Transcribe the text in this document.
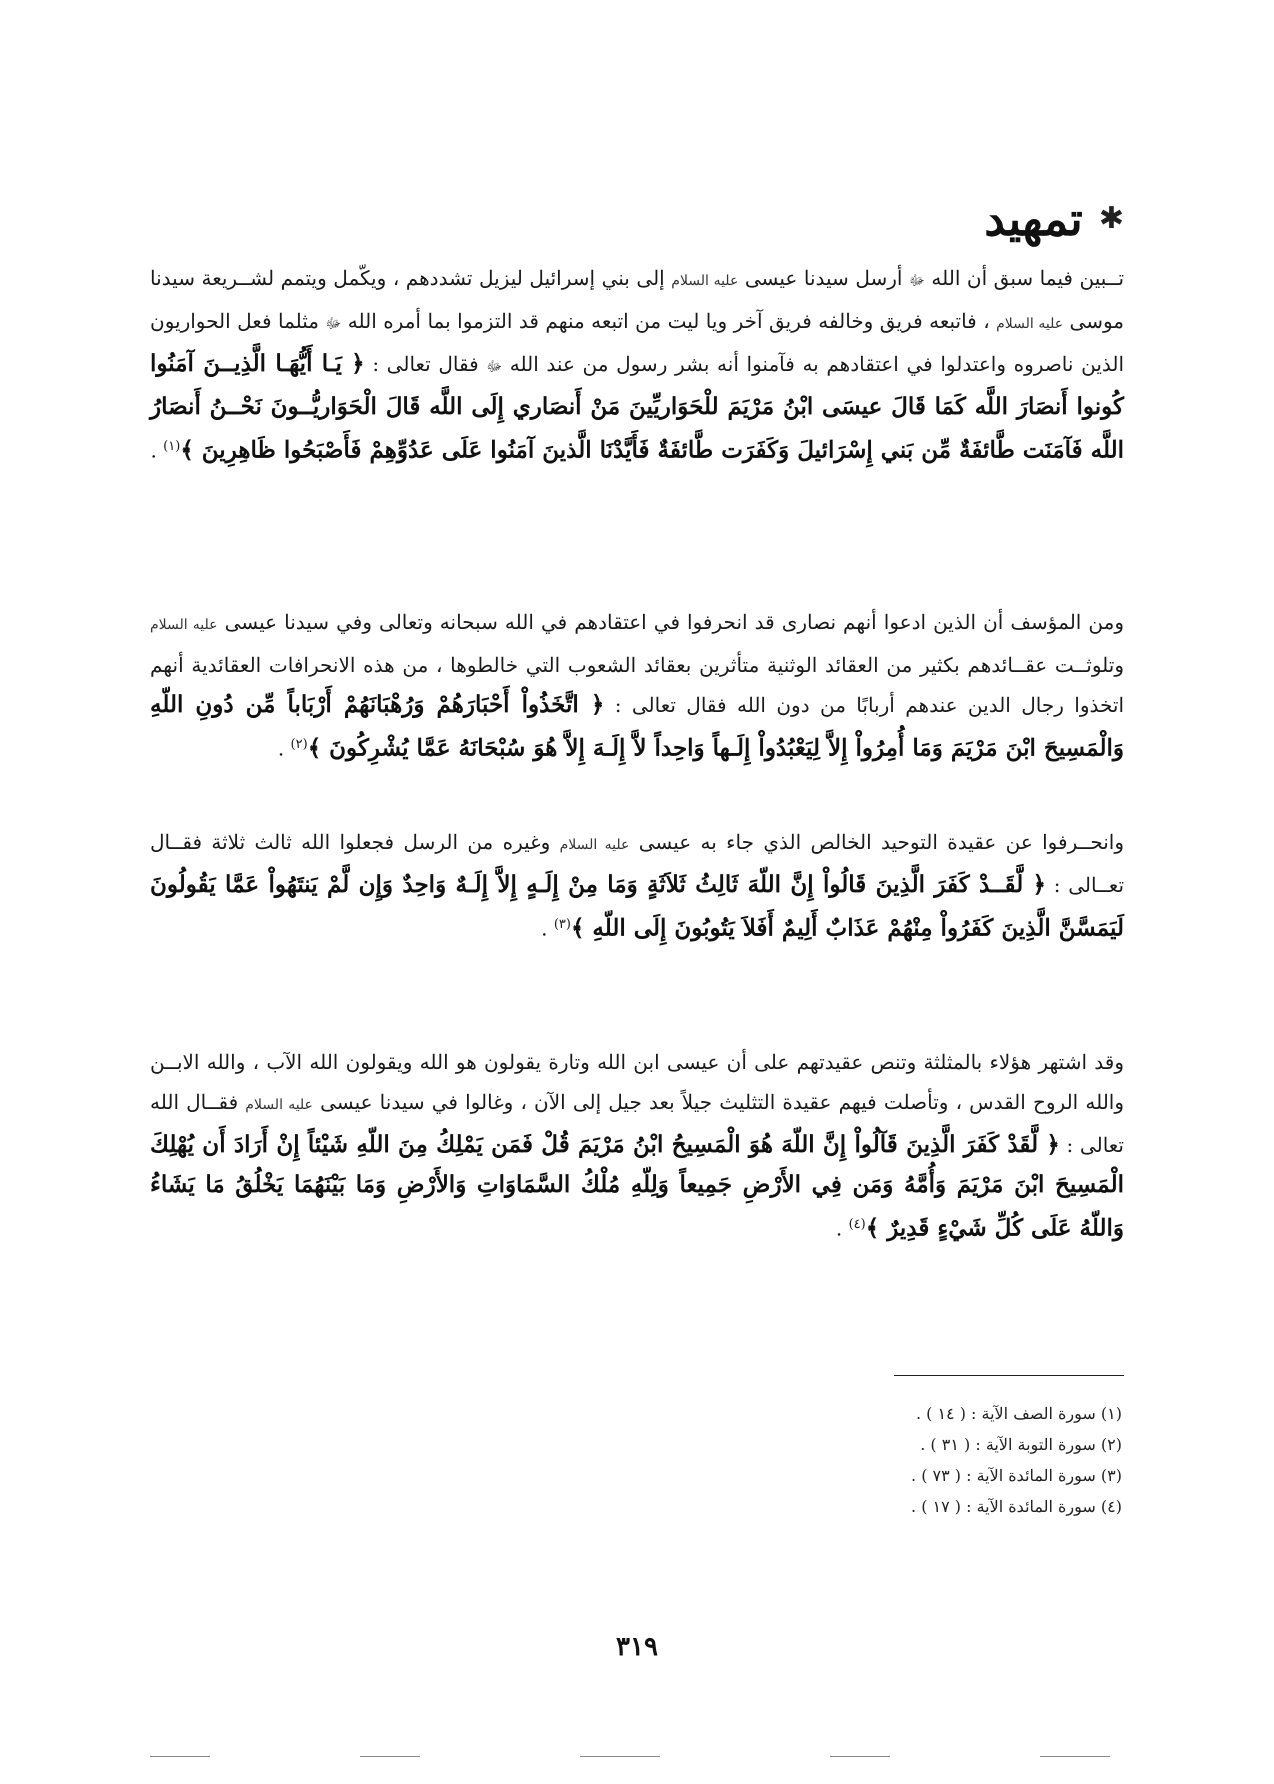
✱
تمهيد

تــبين فيما سبق أن الله ﷻ أرسل سيدنا عيسى عليه السلام إلى بني إسرائيل ليزيل تشددهم ، ويكّمل ويتمم لشــريعة سيدنا موسى عليه السلام ، فاتبعه فريق وخالفه فريق آخر ويا ليت من اتبعه منهم قد التزموا بما أمره الله ﷻ مثلما فعل الحواريون الذين ناصروه واعتدلوا في اعتقادهم به فآمنوا أنه بشر رسول من عند الله ﷻ فقال تعالى : ﴿ يَـا أَيُّهَـا الَّذِيــنَ آمَنُوا كُونوا أَنصَارَ اللَّه كَمَا قَالَ عيسَى ابْنُ مَرْيَمَ للْحَوَاريِّينَ مَنْ أَنصَاري إِلَى اللَّه قَالَ الْحَوَاريُّــونَ نَحْــنُ أَنصَارُ اللَّه فَآمَنَت طَّائفَةٌ مِّن بَني إِسْرَائيلَ وَكَفَرَت طَّائفَةٌ فَأَيَّدْنَا الَّذينَ آمَنُوا عَلَى عَدُوِّهِمْ فَأَصْبَحُوا ظَاهِرِينَ ﴾$^{(١)}$ .

ومن المؤسف أن الذين ادعوا أنهم نصارى قد انحرفوا في اعتقادهم في الله سبحانه وتعالى وفي سيدنا عيسى عليه السلام وتلوثــت عقــائدهم بكثير من العقائد الوثنية متأثرين بعقائد الشعوب التي خالطوها ، من هذه الانحرافات العقائدية أنهم اتخذوا رجال الدين عندهم أربابًا من دون الله فقال تعالى : ﴿ اتَّخَذُواْ أَحْبَارَهُمْ وَرُهْبَانَهُمْ أَرْبَاباً مِّن دُونِ اللّهِ وَالْمَسِيحَ ابْنَ مَرْيَمَ وَمَا أُمِرُواْ إِلاَّ لِيَعْبُدُواْ إِلَـهاً وَاحِداً لاَّ إِلَـهَ إِلاَّ هُوَ سُبْحَانَهُ عَمَّا يُشْرِكُونَ ﴾$^{(٢)}$ .

وانحــرفوا عن عقيدة التوحيد الخالص الذي جاء به عيسى عليه السلام وغيره من الرسل فجعلوا الله ثالث ثلاثة فقــال تعــالى : ﴿ لَّقَــدْ كَفَرَ الَّذِينَ قَالُواْ إِنَّ اللّهَ ثَالِثُ ثَلاَثَةٍ وَمَا مِنْ إِلَـهٍ إِلاَّ إِلَـهٌ وَاحِدٌ وَإِن لَّمْ يَنتَهُواْ عَمَّا يَقُولُونَ لَيَمَسَّنَّ الَّذِينَ كَفَرُواْ مِنْهُمْ عَذَابٌ أَلِيمٌ أَفَلاَ يَتُوبُونَ إِلَى اللّهِ ﴾$^{(٣)}$ .

وقد اشتهر هؤلاء بالمثلثة وتنص عقيدتهم على أن عيسى ابن الله وتارة يقولون هو الله ويقولون الله الآب ، والله الابــن والله الروح القدس ، وتأصلت فيهم عقيدة التثليث جيلاً بعد جيل إلى الآن ، وغالوا في سيدنا عيسى عليه السلام فقــال الله تعالى : ﴿ لَّقَدْ كَفَرَ الَّذِينَ قَآلُواْ إِنَّ اللّهَ هُوَ الْمَسِيحُ ابْنُ مَرْيَمَ قُلْ فَمَن يَمْلِكُ مِنَ اللّهِ شَيْئاً إِنْ أَرَادَ أَن يُهْلِكَ الْمَسِيحَ ابْنَ مَرْيَمَ وَأُمَّهُ وَمَن فِي الأَرْضِ جَمِيعاً وَلِلّهِ مُلْكُ السَّمَاوَاتِ وَالأَرْضِ وَمَا بَيْنَهُمَا يَخْلُقُ مَا يَشَاءُ وَاللّهُ عَلَى كُلِّ شَيْءٍ قَدِيرٌ ﴾$^{(٤)}$ .

(١) سورة الصف الآية : ( ١٤ ) .
(٢) سورة التوبة الآية : ( ٣١ ) .
(٣) سورة المائدة الآية : ( ٧٣ ) .
(٤) سورة المائدة الآية : ( ١٧ ) .
٣١٩
